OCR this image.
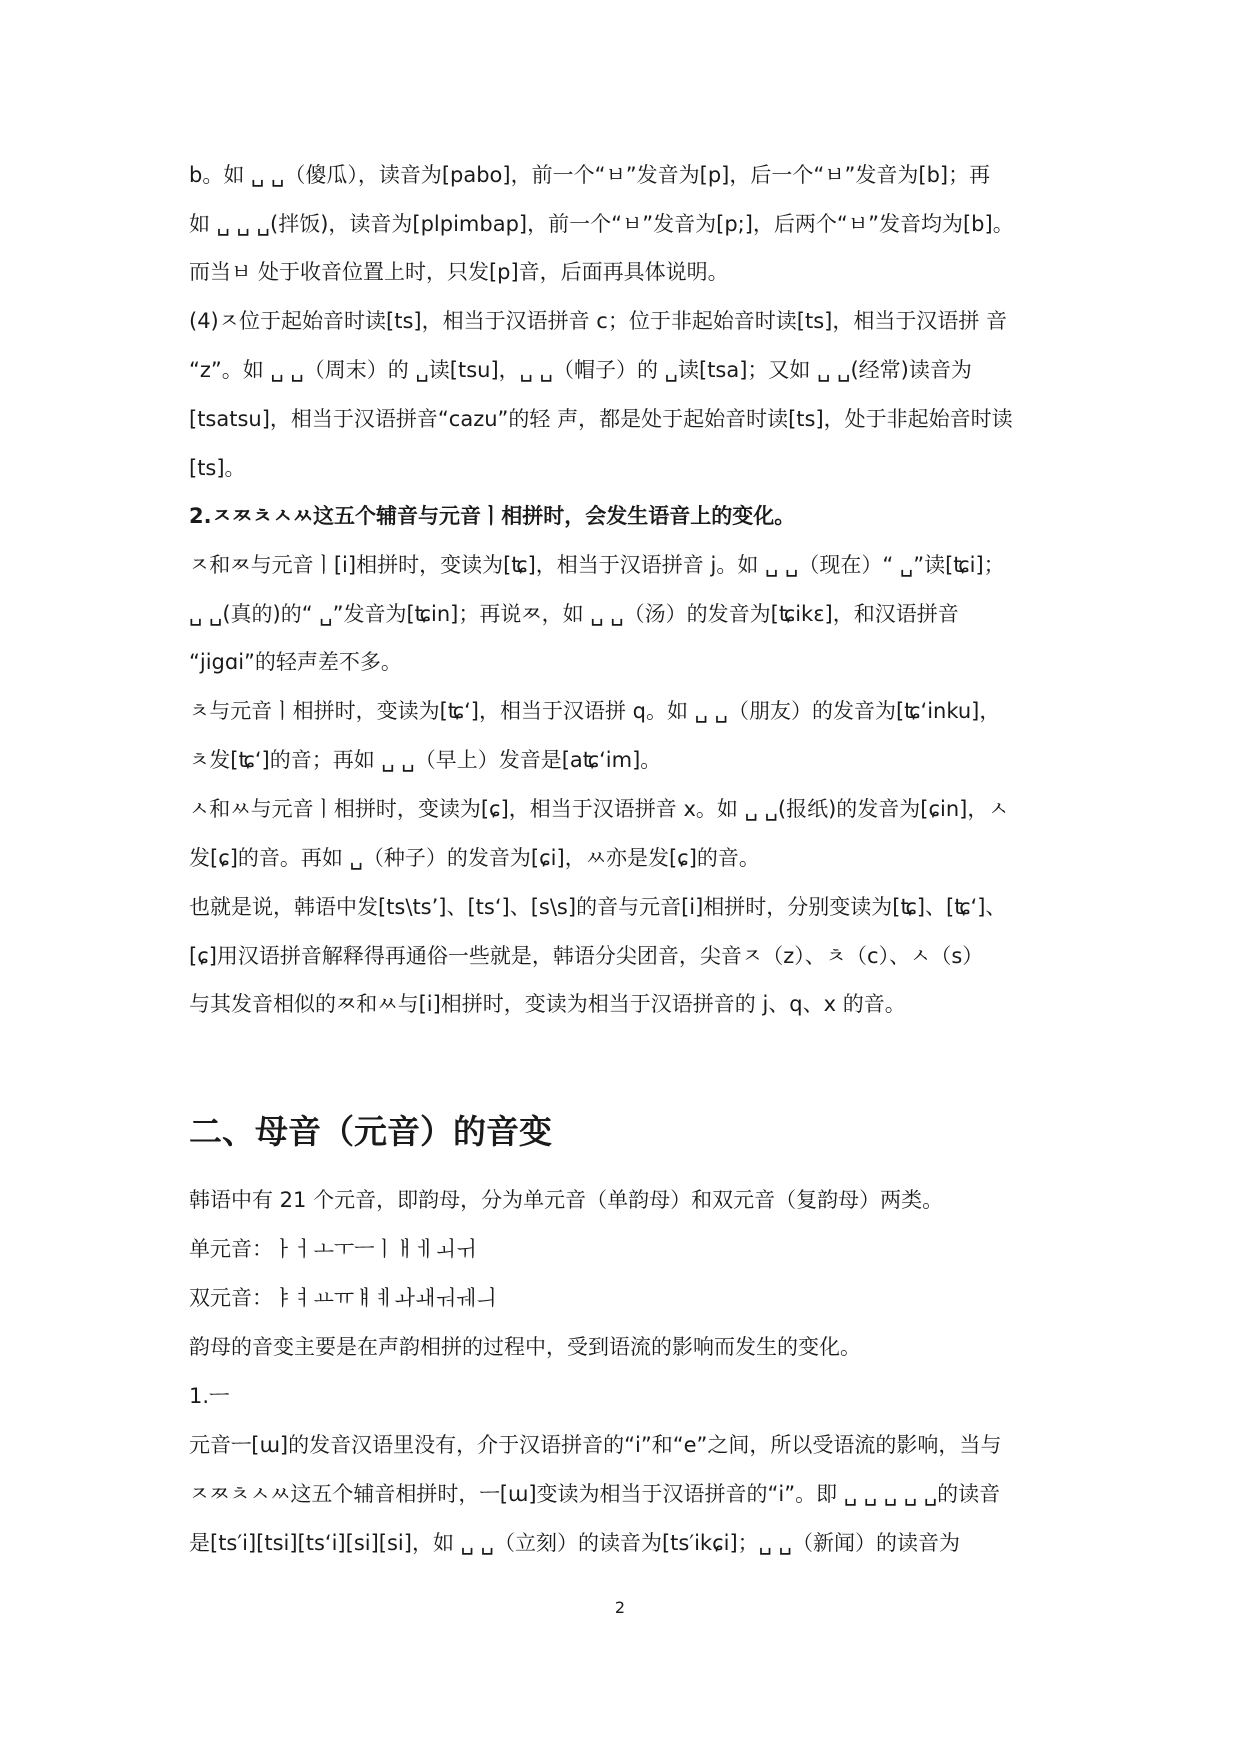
b。如 ␣ ␣（傻瓜），读音为[pabo]，前一个“ㅂ”发音为[p]，后一个“ㅂ”发音为[b]；再
如 ␣ ␣ ␣(拌饭)，读音为[plpimbap]，前一个“ㅂ”发音为[p;]，后两个“ㅂ”发音均为[b]。
而当ㅂ 处于收音位置上时，只发[p]音，后面再具体说明。
(4)ㅈ位于起始音时读[ts]，相当于汉语拼音 c；位于非起始音时读[ts]，相当于汉语拼 音
“z”。如 ␣ ␣（周末）的 ␣读[tsu]，␣ ␣（帽子）的 ␣读[tsa]；又如 ␣ ␣(经常)读音为
[tsatsu]，相当于汉语拼音“cazu”的轻 声，都是处于起始音时读[ts]，处于非起始音时读
[ts]。
2.ㅈㅉㅊㅅㅆ这五个辅音与元音ㅣ相拼时，会发生语音上的变化。
ㅈ和ㅉ与元音ㅣ[i]相拼时，变读为[ʨ]，相当于汉语拼音 j。如 ␣ ␣（现在）“ ␣”读[ʨi]；
␣ ␣(真的)的“ ␣”发音为[ʨin]；再说ㅉ，如 ␣ ␣（汤）的发音为[ʨikɛ]，和汉语拼音
“jigɑi”的轻声差不多。
ㅊ与元音ㅣ相拼时，变读为[ʨ‘]，相当于汉语拼 q。如 ␣ ␣（朋友）的发音为[ʨ‘inku]，
ㅊ发[ʨ‘]的音；再如 ␣ ␣（早上）发音是[aʨ‘im]。
ㅅ和ㅆ与元音ㅣ相拼时，变读为[ɕ]，相当于汉语拼音 x。如 ␣ ␣(报纸)的发音为[ɕin]，ㅅ
发[ɕ]的音。再如 ␣（种子）的发音为[ɕi]，ㅆ亦是发[ɕ]的音。
也就是说，韩语中发[ts\ts’]、[ts‘]、[s\s]的音与元音[i]相拼时，分别变读为[ʨ]、[ʨ‘]、
[ɕ]用汉语拼音解释得再通俗一些就是，韩语分尖团音，尖音ㅈ（z）、ㅊ（c）、ㅅ（s）
与其发音相似的ㅉ和ㅆ与[i]相拼时，变读为相当于汉语拼音的 j、q、x 的音。
二、母音（元音）的音变
韩语中有 21 个元音，即韵母，分为单元音（单韵母）和双元音（复韵母）两类。
单元音：ㅏㅓㅗㅜㅡㅣㅐㅔㅚㅟ
双元音：ㅑㅕㅛㅠㅒㅖㅘㅙㅝㅞㅢ
韵母的音变主要是在声韵相拼的过程中，受到语流的影响而发生的变化。
1.ㅡ
元音ㅡ[ɯ]的发音汉语里没有，介于汉语拼音的“i”和“e”之间，所以受语流的影响，当与
ㅈㅉㅊㅅㅆ这五个辅音相拼时，ㅡ[ɯ]变读为相当于汉语拼音的“i”。即 ␣ ␣ ␣ ␣ ␣的读音
是[ts′i][tsi][ts‘i][si][si]，如 ␣ ␣（立刻）的读音为[ts′ikɕi]；␣ ␣（新闻）的读音为
2
